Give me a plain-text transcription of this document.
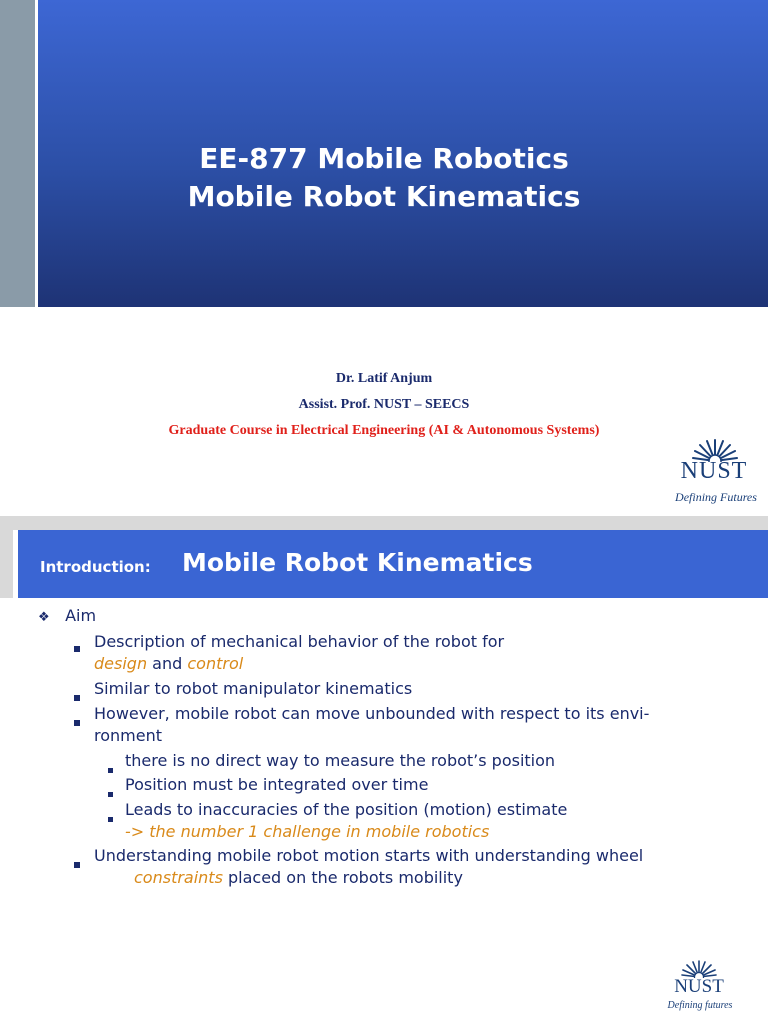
EE-877 Mobile Robotics
Mobile Robot Kinematics
Dr. Latif Anjum
Assist. Prof. NUST – SEECS
Graduate Course in Electrical Engineering (AI & Autonomous Systems)
NUST
Defining Futures
Introduction: Mobile Robot Kinematics
❖ Aim
Description of mechanical behavior of the robot for
design and control
Similar to robot manipulator kinematics
However, mobile robot can move unbounded with respect to its envi-
ronment
there is no direct way to measure the robot’s position
Position must be integrated over time
Leads to inaccuracies of the position (motion) estimate
-> the number 1 challenge in mobile robotics
Understanding mobile robot motion starts with understanding wheel
constraints placed on the robots mobility
NUST
Defining futures
